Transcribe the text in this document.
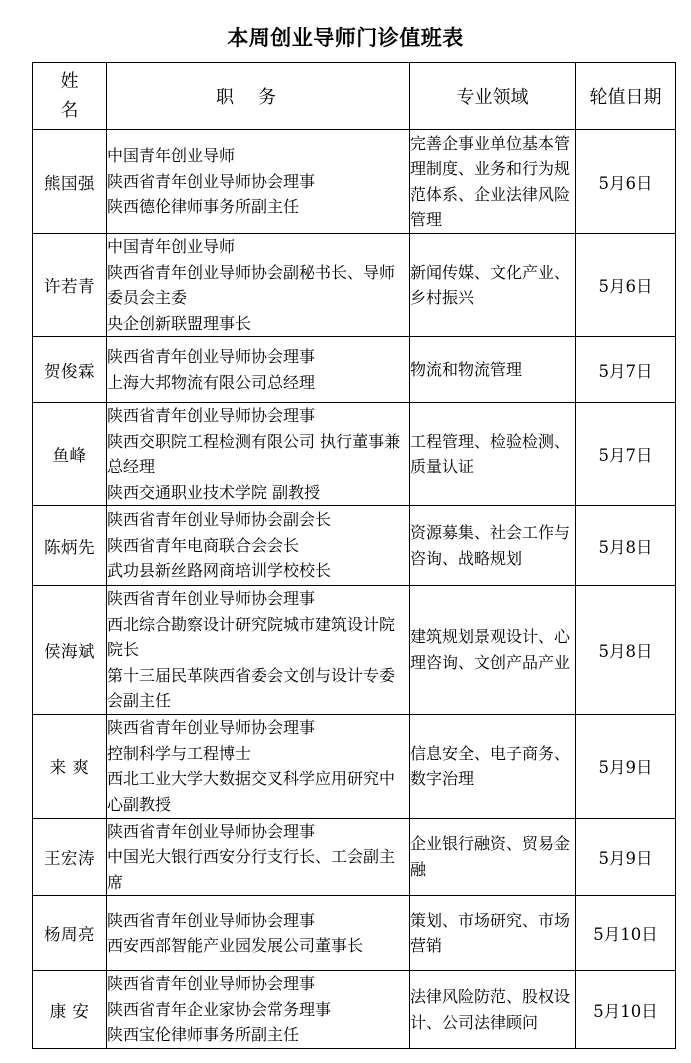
本周创业导师门诊值班表
姓名	职务	专业领域	轮值日期
熊国强	中国青年创业导师
陕西省青年创业导师协会理事
陕西德伦律师事务所副主任	完善企事业单位基本管理制度、业务和行为规范体系、企业法律风险管理	5月6日
许若青	中国青年创业导师
陕西省青年创业导师协会副秘书长、导师委员会主委
央企创新联盟理事长	新闻传媒、文化产业、乡村振兴	5月6日
贺俊霖	陕西省青年创业导师协会理事
上海大邦物流有限公司总经理	物流和物流管理	5月7日
鱼峰	陕西省青年创业导师协会理事
陕西交职院工程检测有限公司 执行董事兼总经理
陕西交通职业技术学院 副教授	工程管理、检验检测、质量认证	5月7日
陈炳先	陕西省青年创业导师协会副会长
陕西省青年电商联合会会长
武功县新丝路网商培训学校校长	资源募集、社会工作与咨询、战略规划	5月8日
侯海斌	陕西省青年创业导师协会理事
西北综合勘察设计研究院城市建筑设计院院长
第十三届民革陕西省委会文创与设计专委会副主任	建筑规划景观设计、心理咨询、文创产品产业	5月8日
来 爽	陕西省青年创业导师协会理事
控制科学与工程博士
西北工业大学大数据交叉科学应用研究中心副教授	信息安全、电子商务、数字治理	5月9日
王宏涛	陕西省青年创业导师协会理事
中国光大银行西安分行支行长、工会副主席	企业银行融资、贸易金融	5月9日
杨周亮	陕西省青年创业导师协会理事
西安西部智能产业园发展公司董事长	策划、市场研究、市场营销	5月10日
康 安	陕西省青年创业导师协会理事
陕西省青年企业家协会常务理事
陕西宝伦律师事务所副主任	法律风险防范、股权设计、公司法律顾问	5月10日
